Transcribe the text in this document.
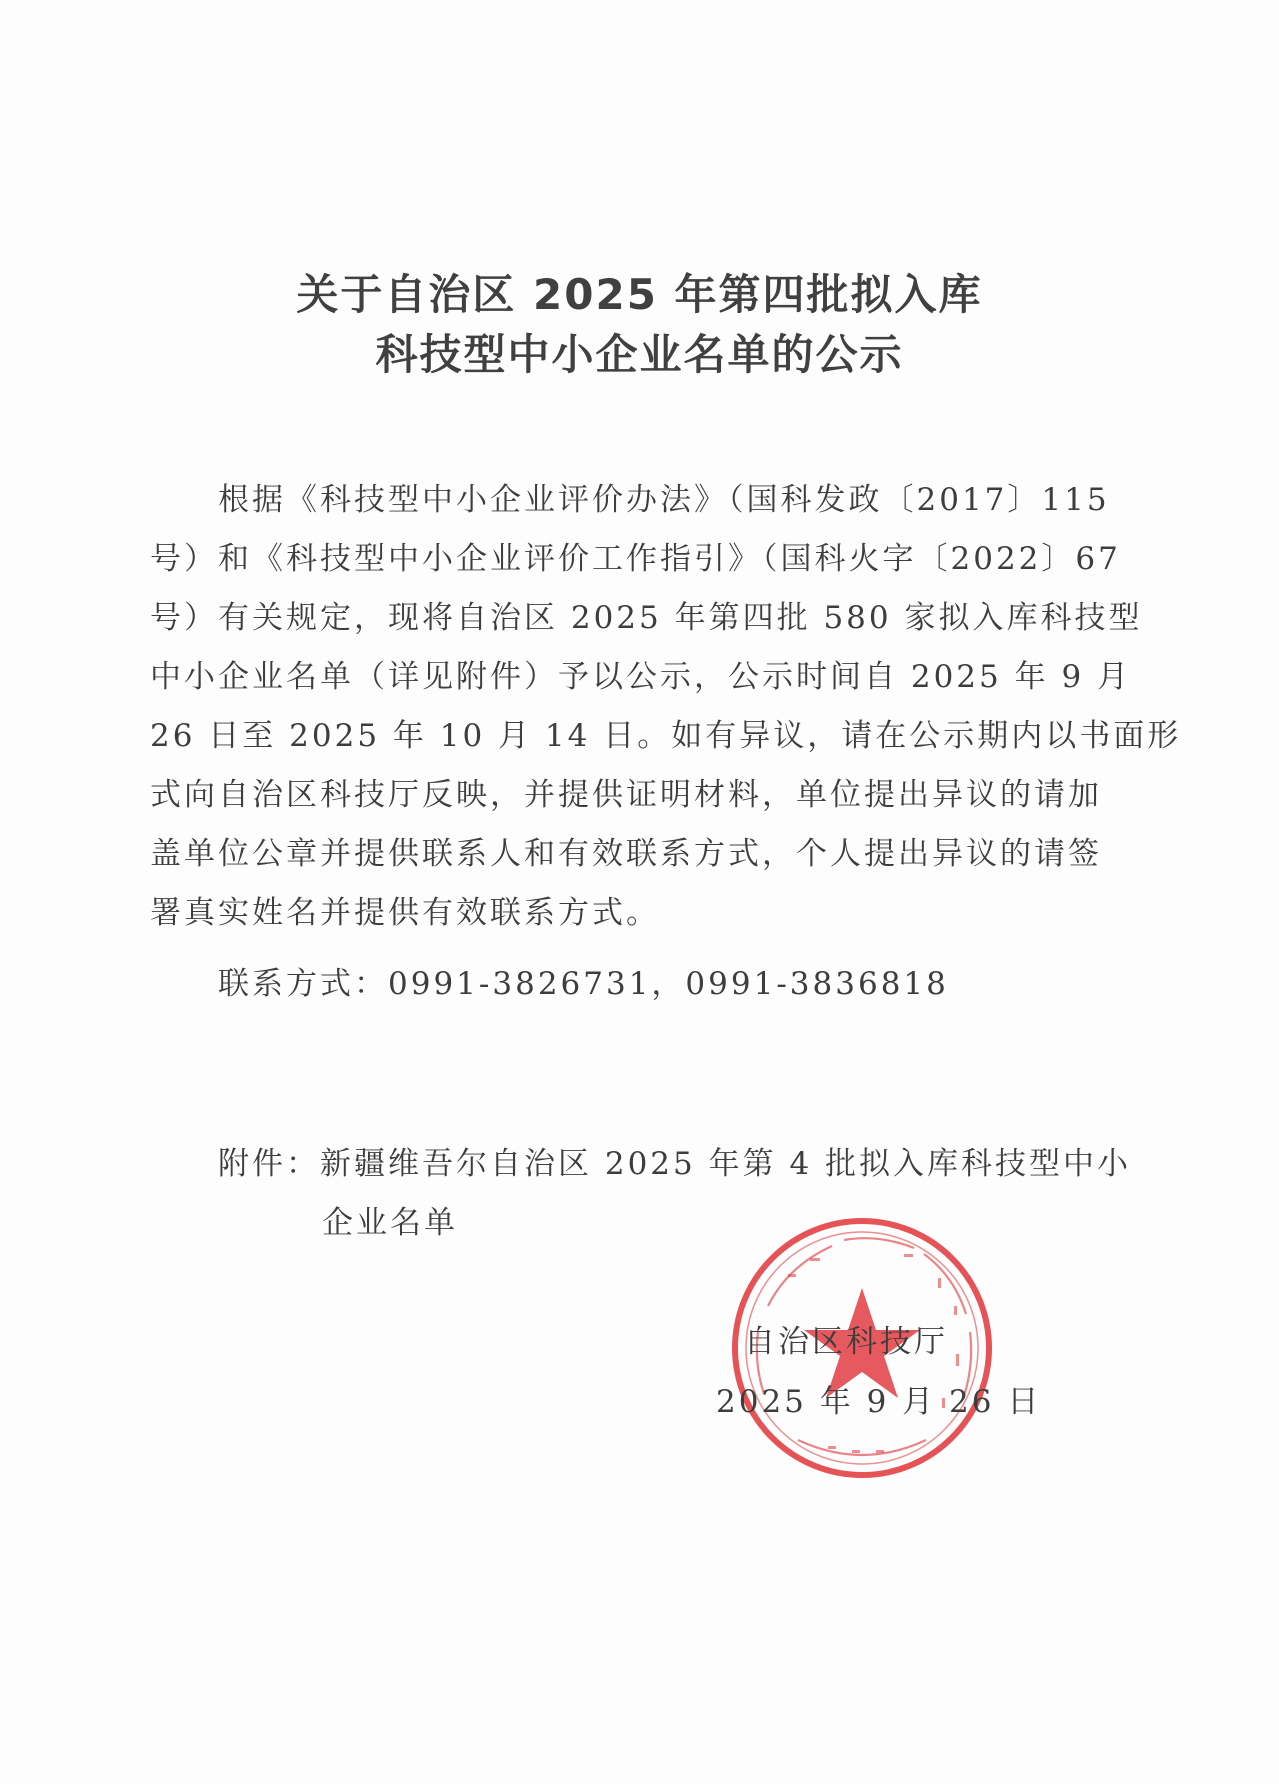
关于自治区 2025 年第四批拟入库
科技型中小企业名单的公示
根据《科技型中小企业评价办法》（国科发政〔2017〕115
号）和《科技型中小企业评价工作指引》（国科火字〔2022〕67
号）有关规定，现将自治区 2025 年第四批 580 家拟入库科技型
中小企业名单（详见附件）予以公示，公示时间自 2025 年 9 月
26 日至 2025 年 10 月 14 日。如有异议，请在公示期内以书面形
式向自治区科技厅反映，并提供证明材料，单位提出异议的请加
盖单位公章并提供联系人和有效联系方式，个人提出异议的请签
署真实姓名并提供有效联系方式。
联系方式：0991-3826731，0991-3836818
附件：新疆维吾尔自治区 2025 年第 4 批拟入库科技型中小
企业名单
自治区科技厅
2025 年 9 月 26 日
